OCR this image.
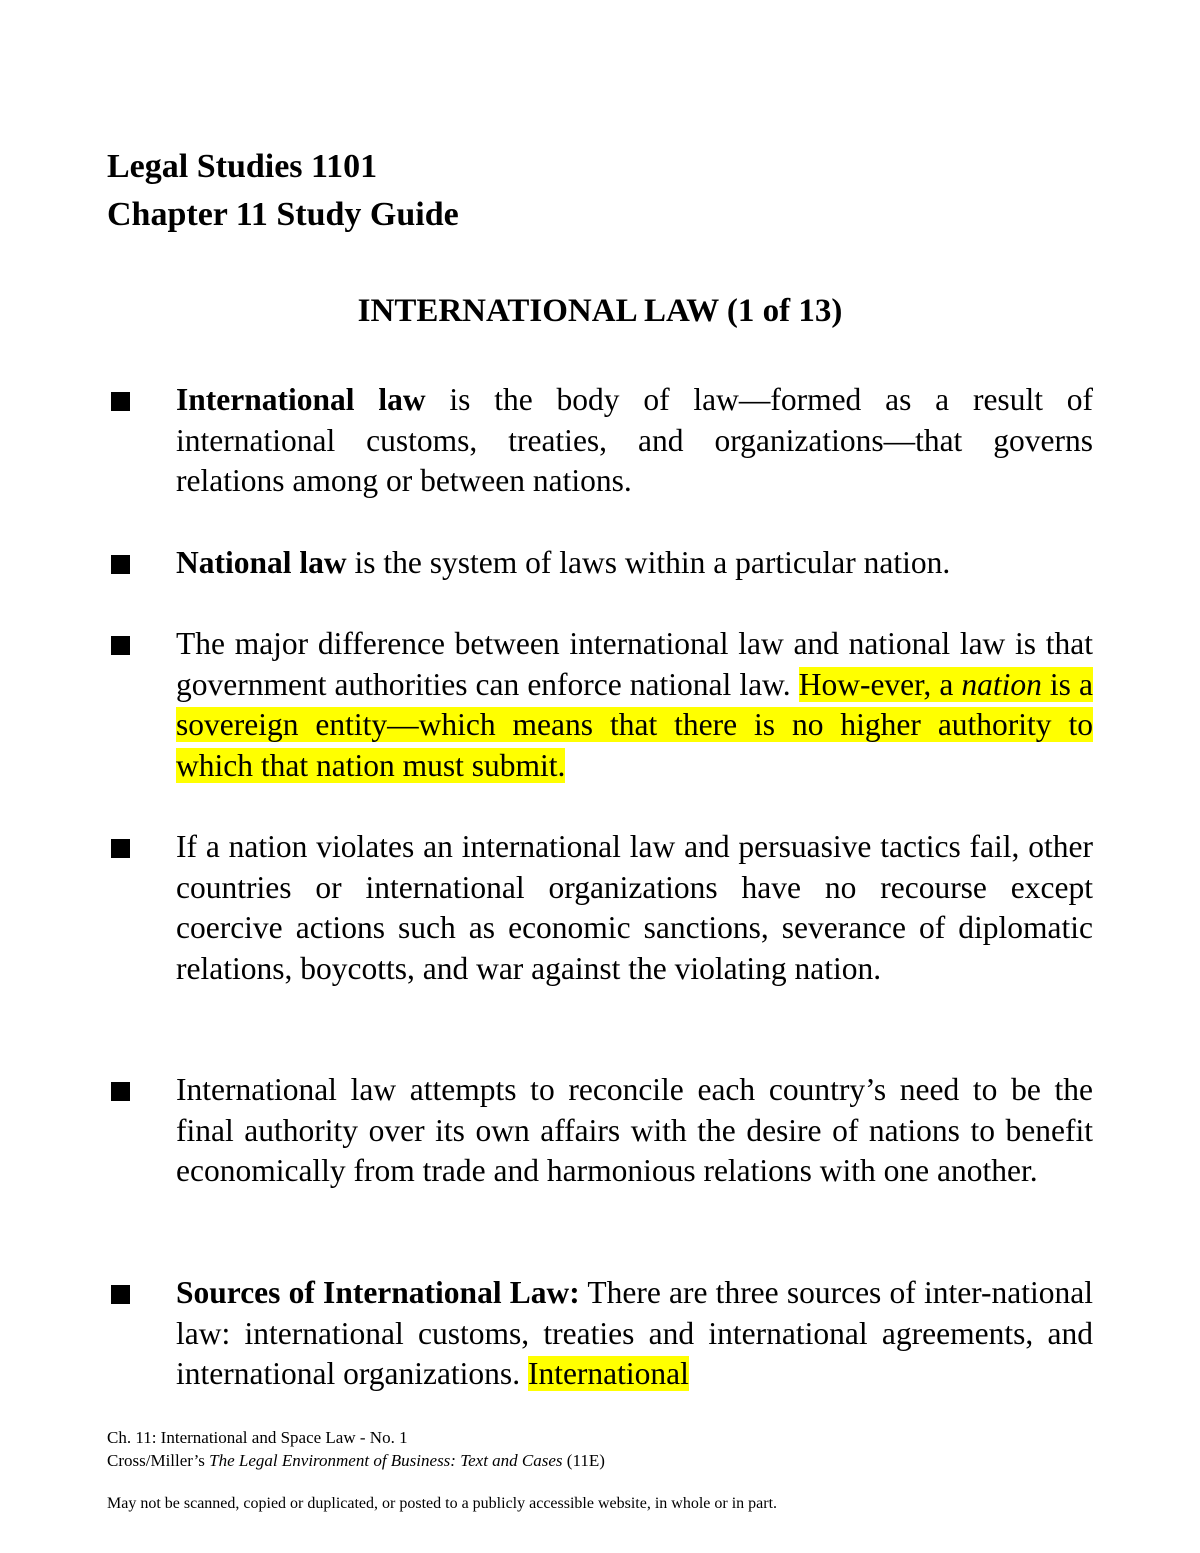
Legal Studies 1101
Chapter 11 Study Guide
INTERNATIONAL LAW (1 of 13)

International law is the body of law—formed as a result of international customs, treaties, and organizations—that governs relations among or between nations.

National law is the system of laws within a particular nation.

The major difference between international law and national law is that government authorities can enforce national law. How-ever, a nation is a sovereign entity—which means that there is no higher authority to which that nation must submit.

If a nation violates an international law and persuasive tactics fail, other countries or international organizations have no recourse except coercive actions such as economic sanctions, severance of diplomatic relations, boycotts, and war against the violating nation.

International law attempts to reconcile each country’s need to be the final authority over its own affairs with the desire of nations to benefit economically from trade and harmonious relations with one another.

Sources of International Law: There are three sources of inter-national law: international customs, treaties and international agreements, and international organizations. International

Ch. 11: International and Space Law - No. 1

Cross/Miller’s The Legal Environment of Business: Text and Cases (11E)

May not be scanned, copied or duplicated, or posted to a publicly accessible website, in whole or in part.
